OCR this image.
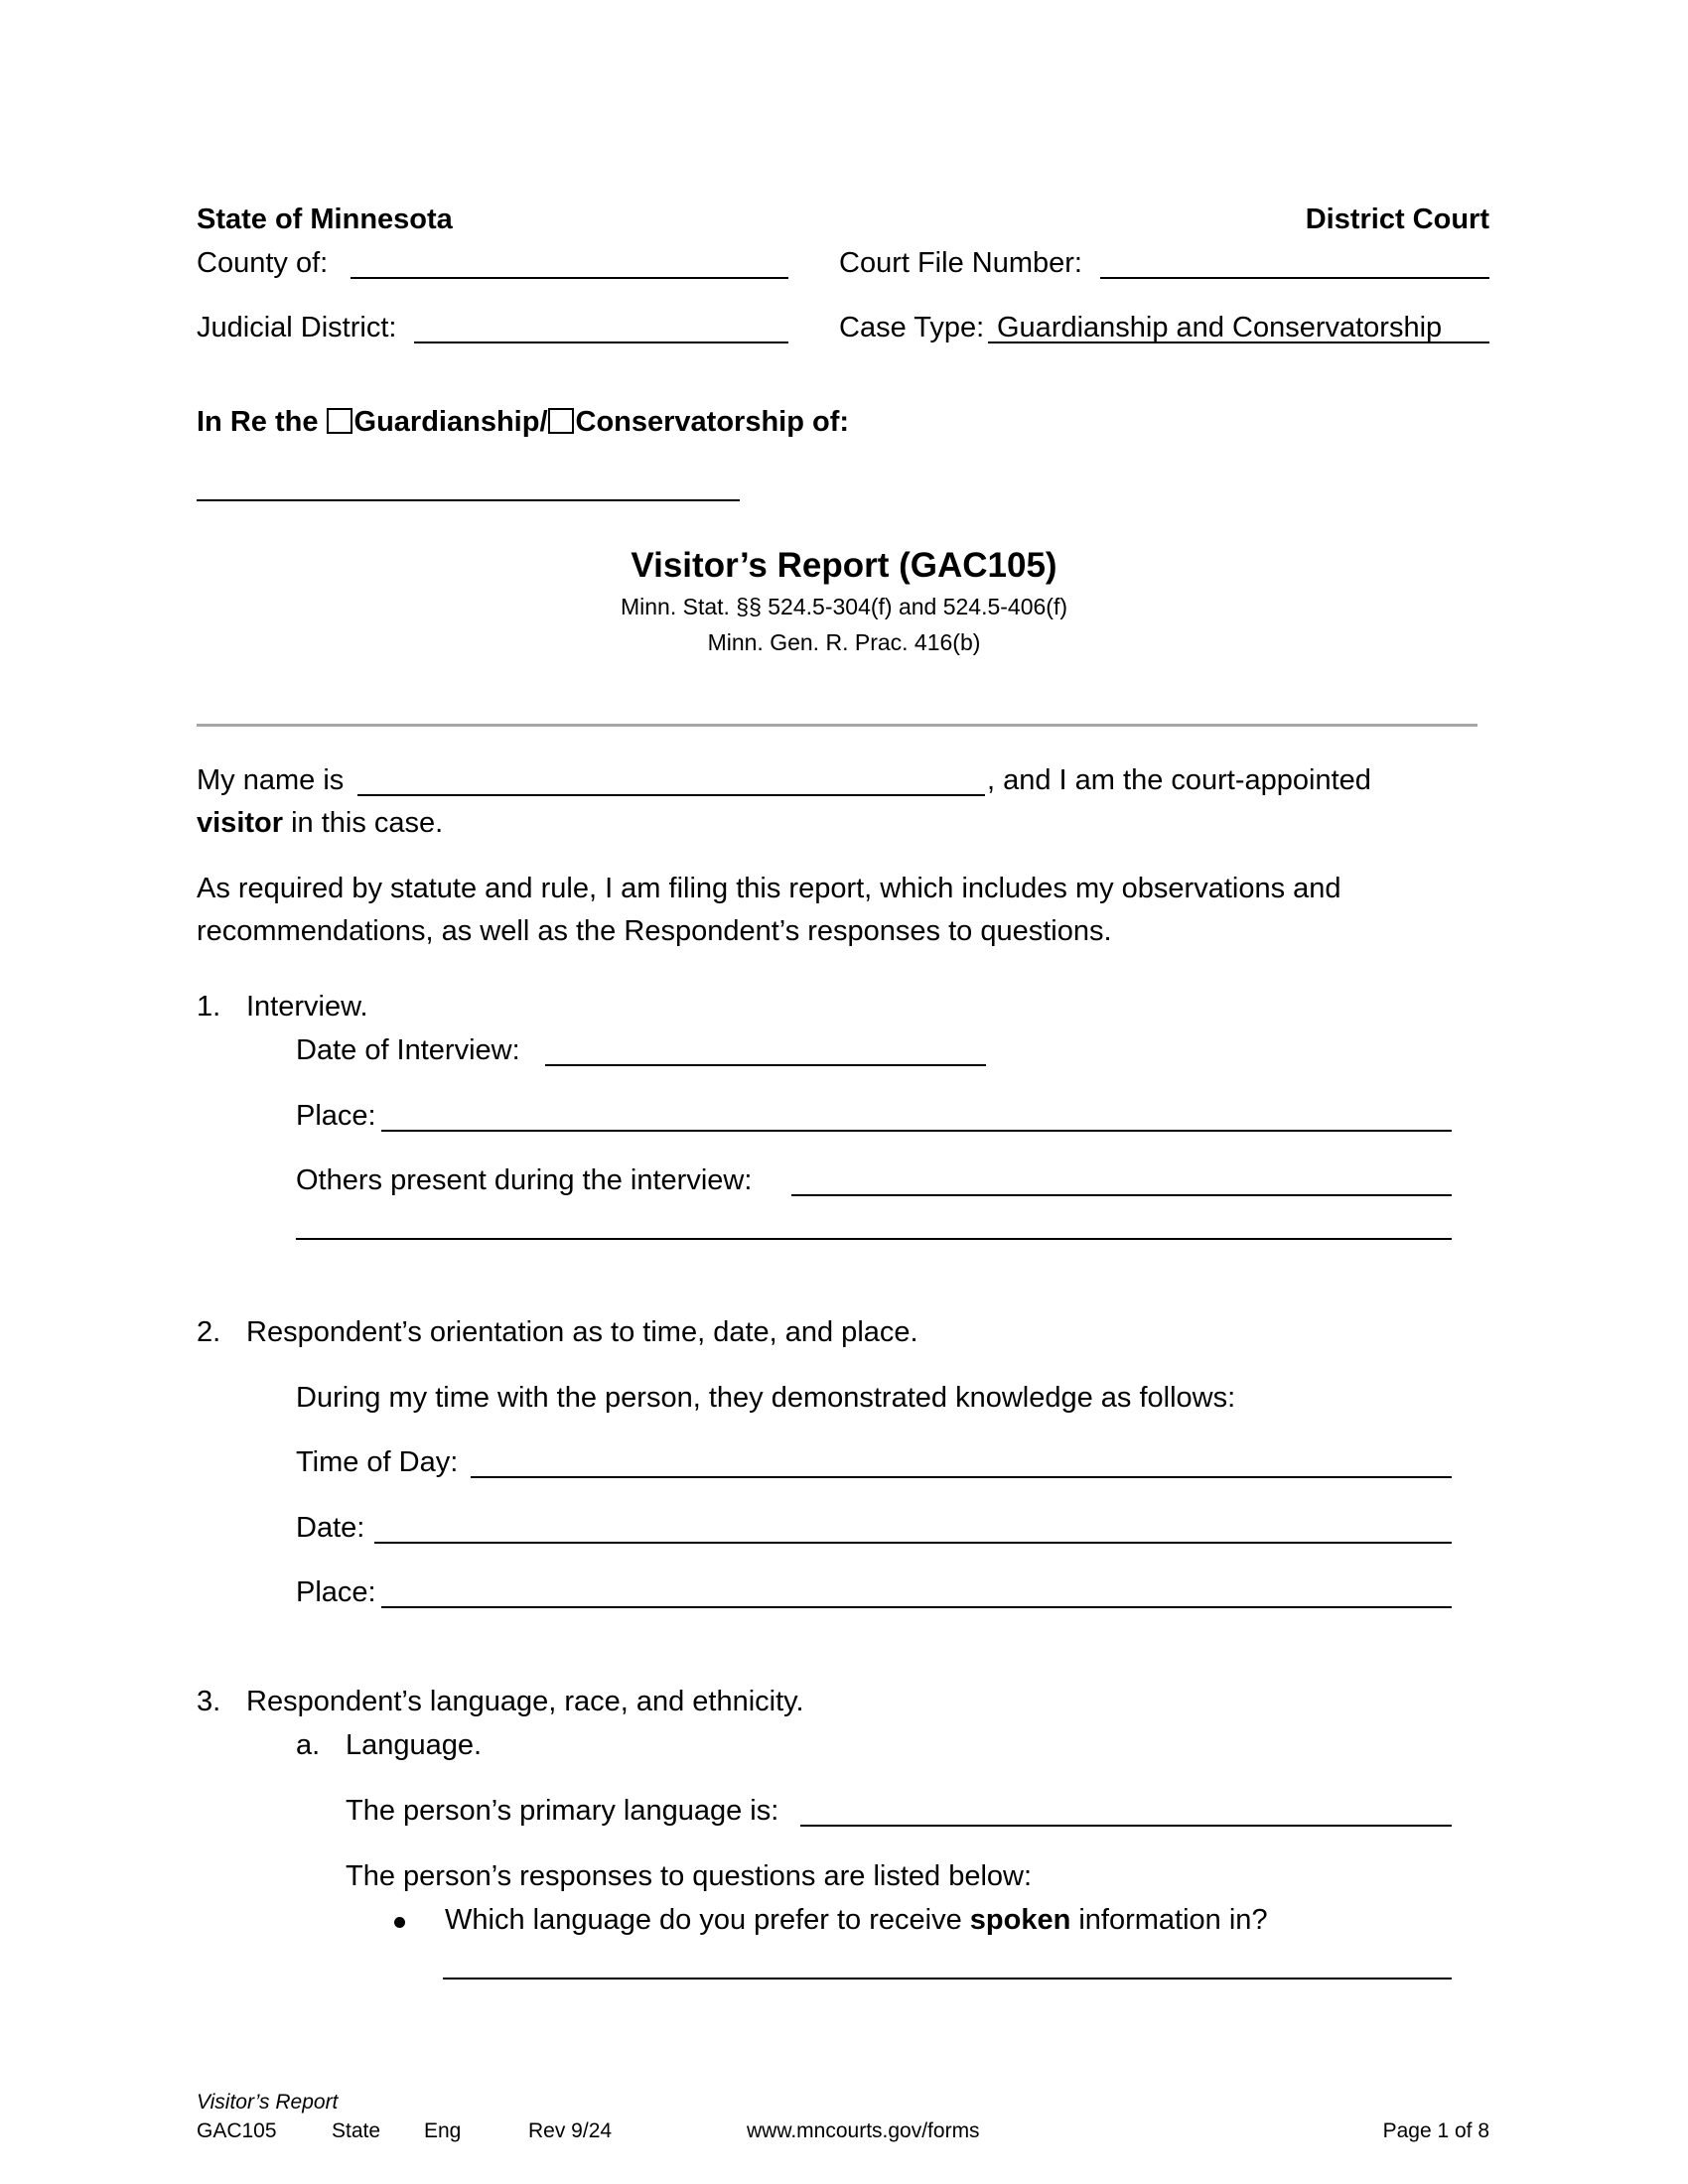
State of Minnesota	District Court
County of:	Court File Number:
Judicial District:	Case Type: Guardianship and Conservatorship
In Re the Guardianship/ Conservatorship of:
Visitor’s Report (GAC105)
Minn. Stat. §§ 524.5-304(f) and 524.5-406(f)
Minn. Gen. R. Prac. 416(b)
My name is	, and I am the court-appointed
visitor in this case.
As required by statute and rule, I am filing this report, which includes my observations and
recommendations, as well as the Respondent’s responses to questions.
1. Interview.
Date of Interview:
Place:
Others present during the interview:
2. Respondent’s orientation as to time, date, and place.
During my time with the person, they demonstrated knowledge as follows:
Time of Day:
Date:
Place:
3. Respondent’s language, race, and ethnicity.
a. Language.
The person’s primary language is:
The person’s responses to questions are listed below:
Which language do you prefer to receive spoken information in?
Visitor’s Report
GAC105	State Eng	Rev 9/24	www.mncourts.gov/forms	Page 1 of 8
